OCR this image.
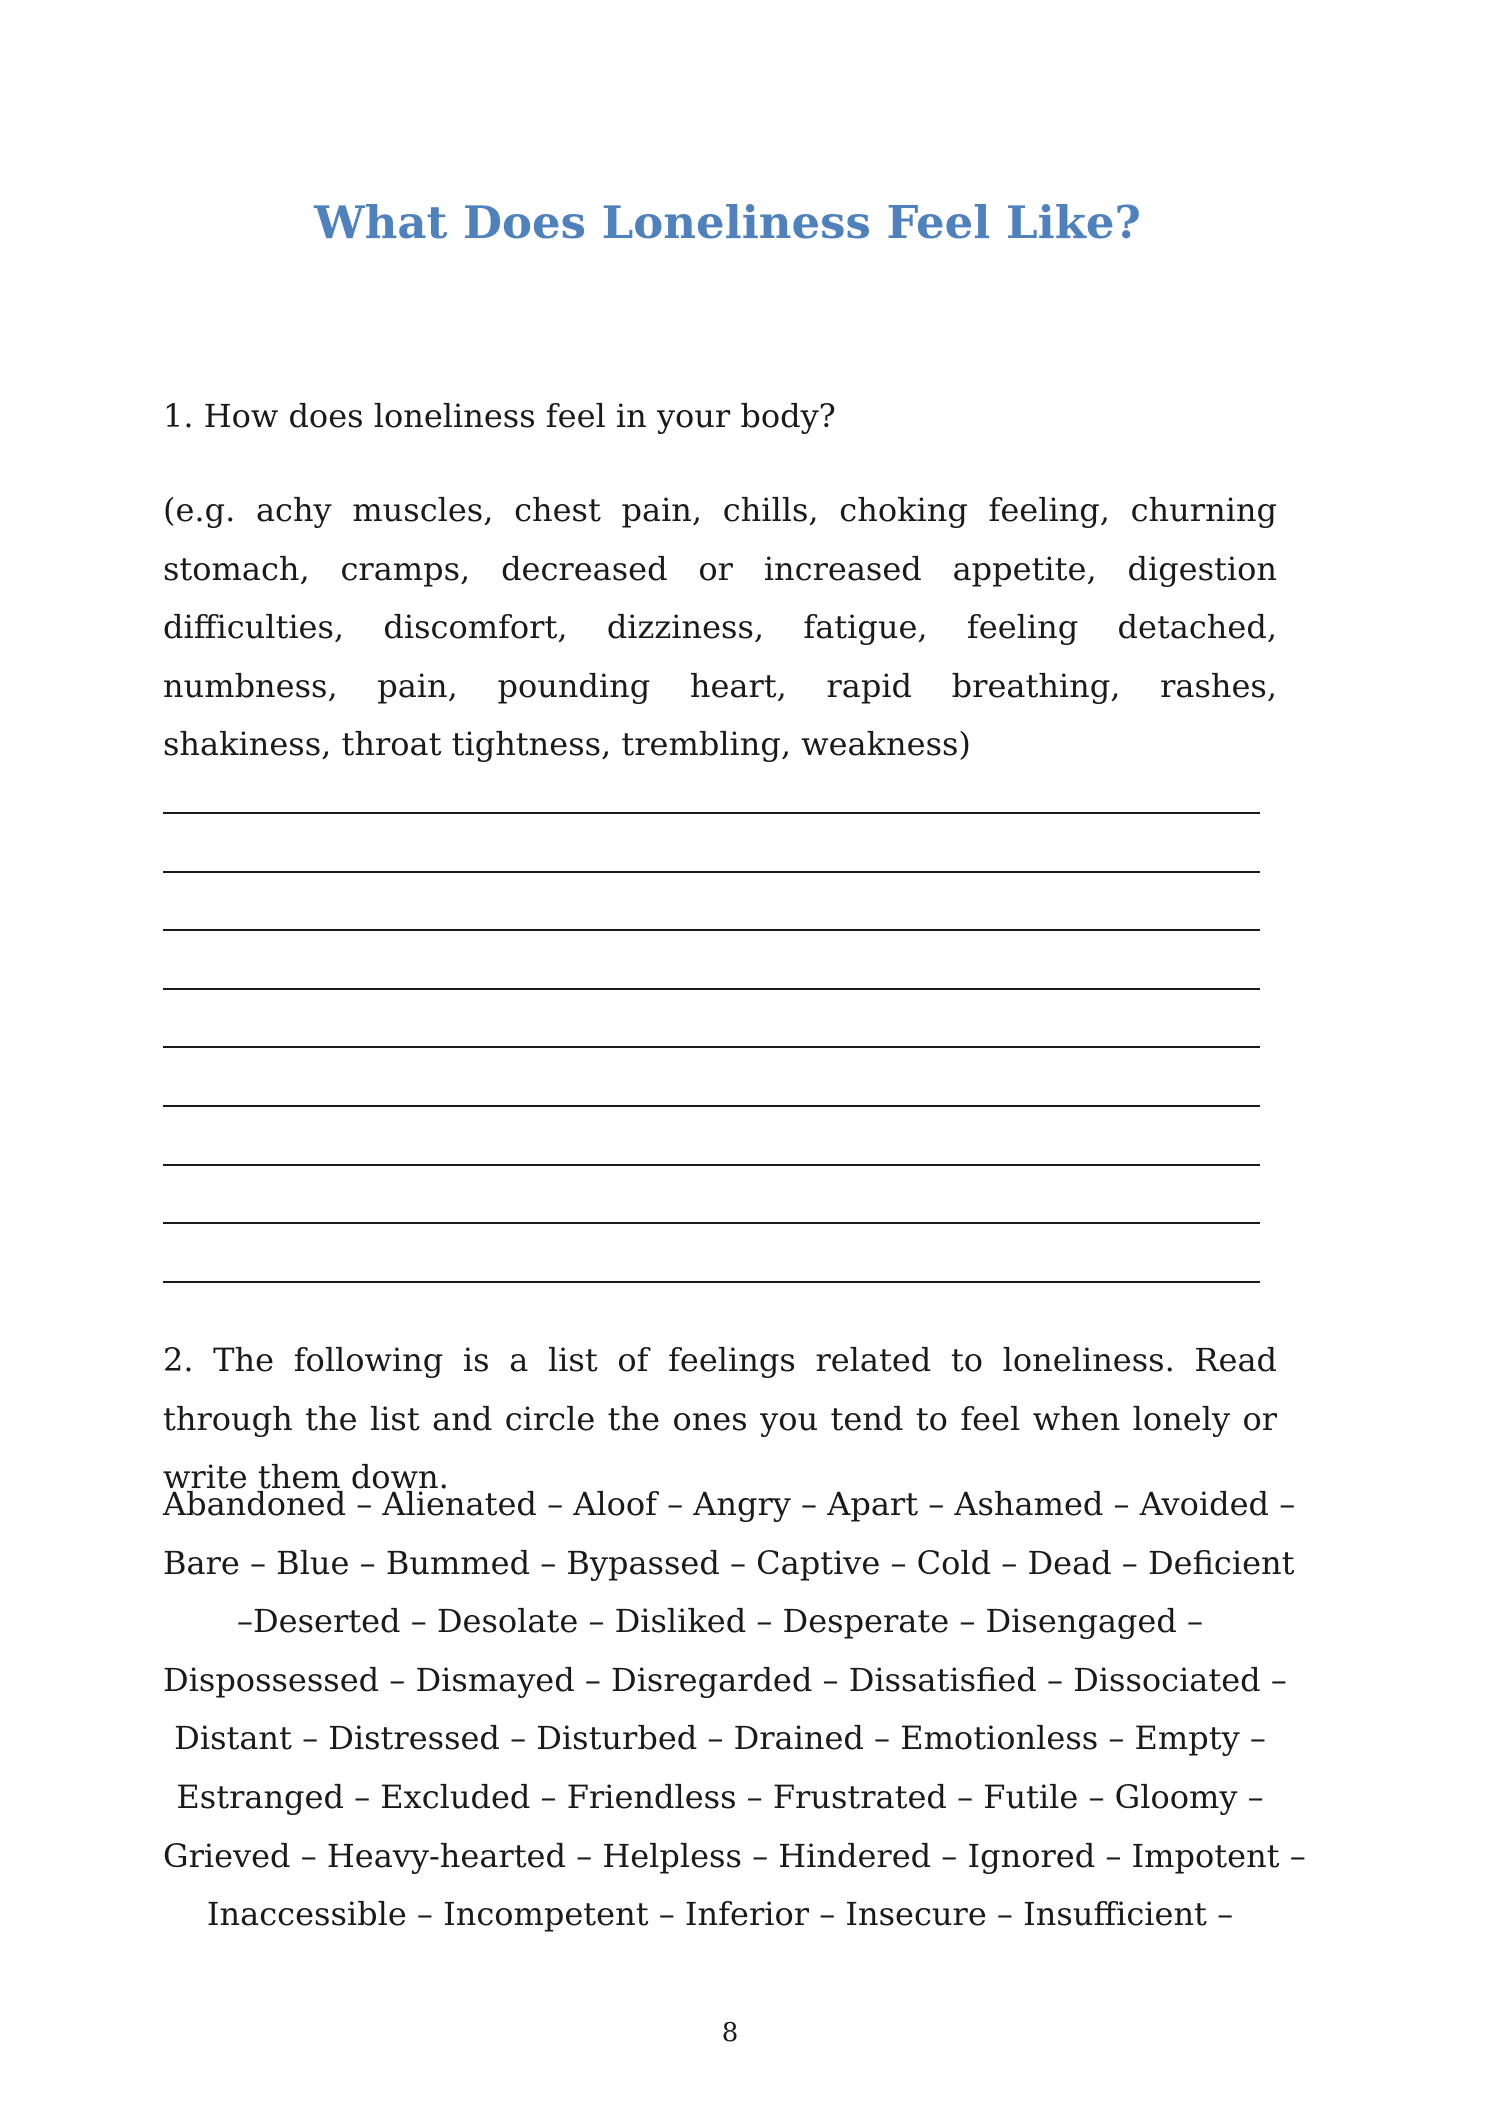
What Does Loneliness Feel Like?
1. How does loneliness feel in your body?
(e.g. achy muscles, chest pain, chills, choking feeling, churning stomach, cramps, decreased or increased appetite, digestion difficulties, discomfort, dizziness, fatigue, feeling detached, numbness, pain, pounding heart, rapid breathing, rashes, shakiness, throat tightness, trembling, weakness)
2. The following is a list of feelings related to loneliness. Read through the list and circle the ones you tend to feel when lonely or write them down.
Abandoned – Alienated – Aloof – Angry – Apart – Ashamed – Avoided –
Bare – Blue – Bummed – Bypassed – Captive – Cold – Dead – Deficient
–Deserted – Desolate – Disliked – Desperate – Disengaged –
Dispossessed – Dismayed – Disregarded – Dissatisfied – Dissociated –
Distant – Distressed – Disturbed – Drained – Emotionless – Empty –
Estranged – Excluded – Friendless – Frustrated – Futile – Gloomy –
Grieved – Heavy-hearted – Helpless – Hindered – Ignored – Impotent –
Inaccessible – Incompetent – Inferior – Insecure – Insufficient –
8
